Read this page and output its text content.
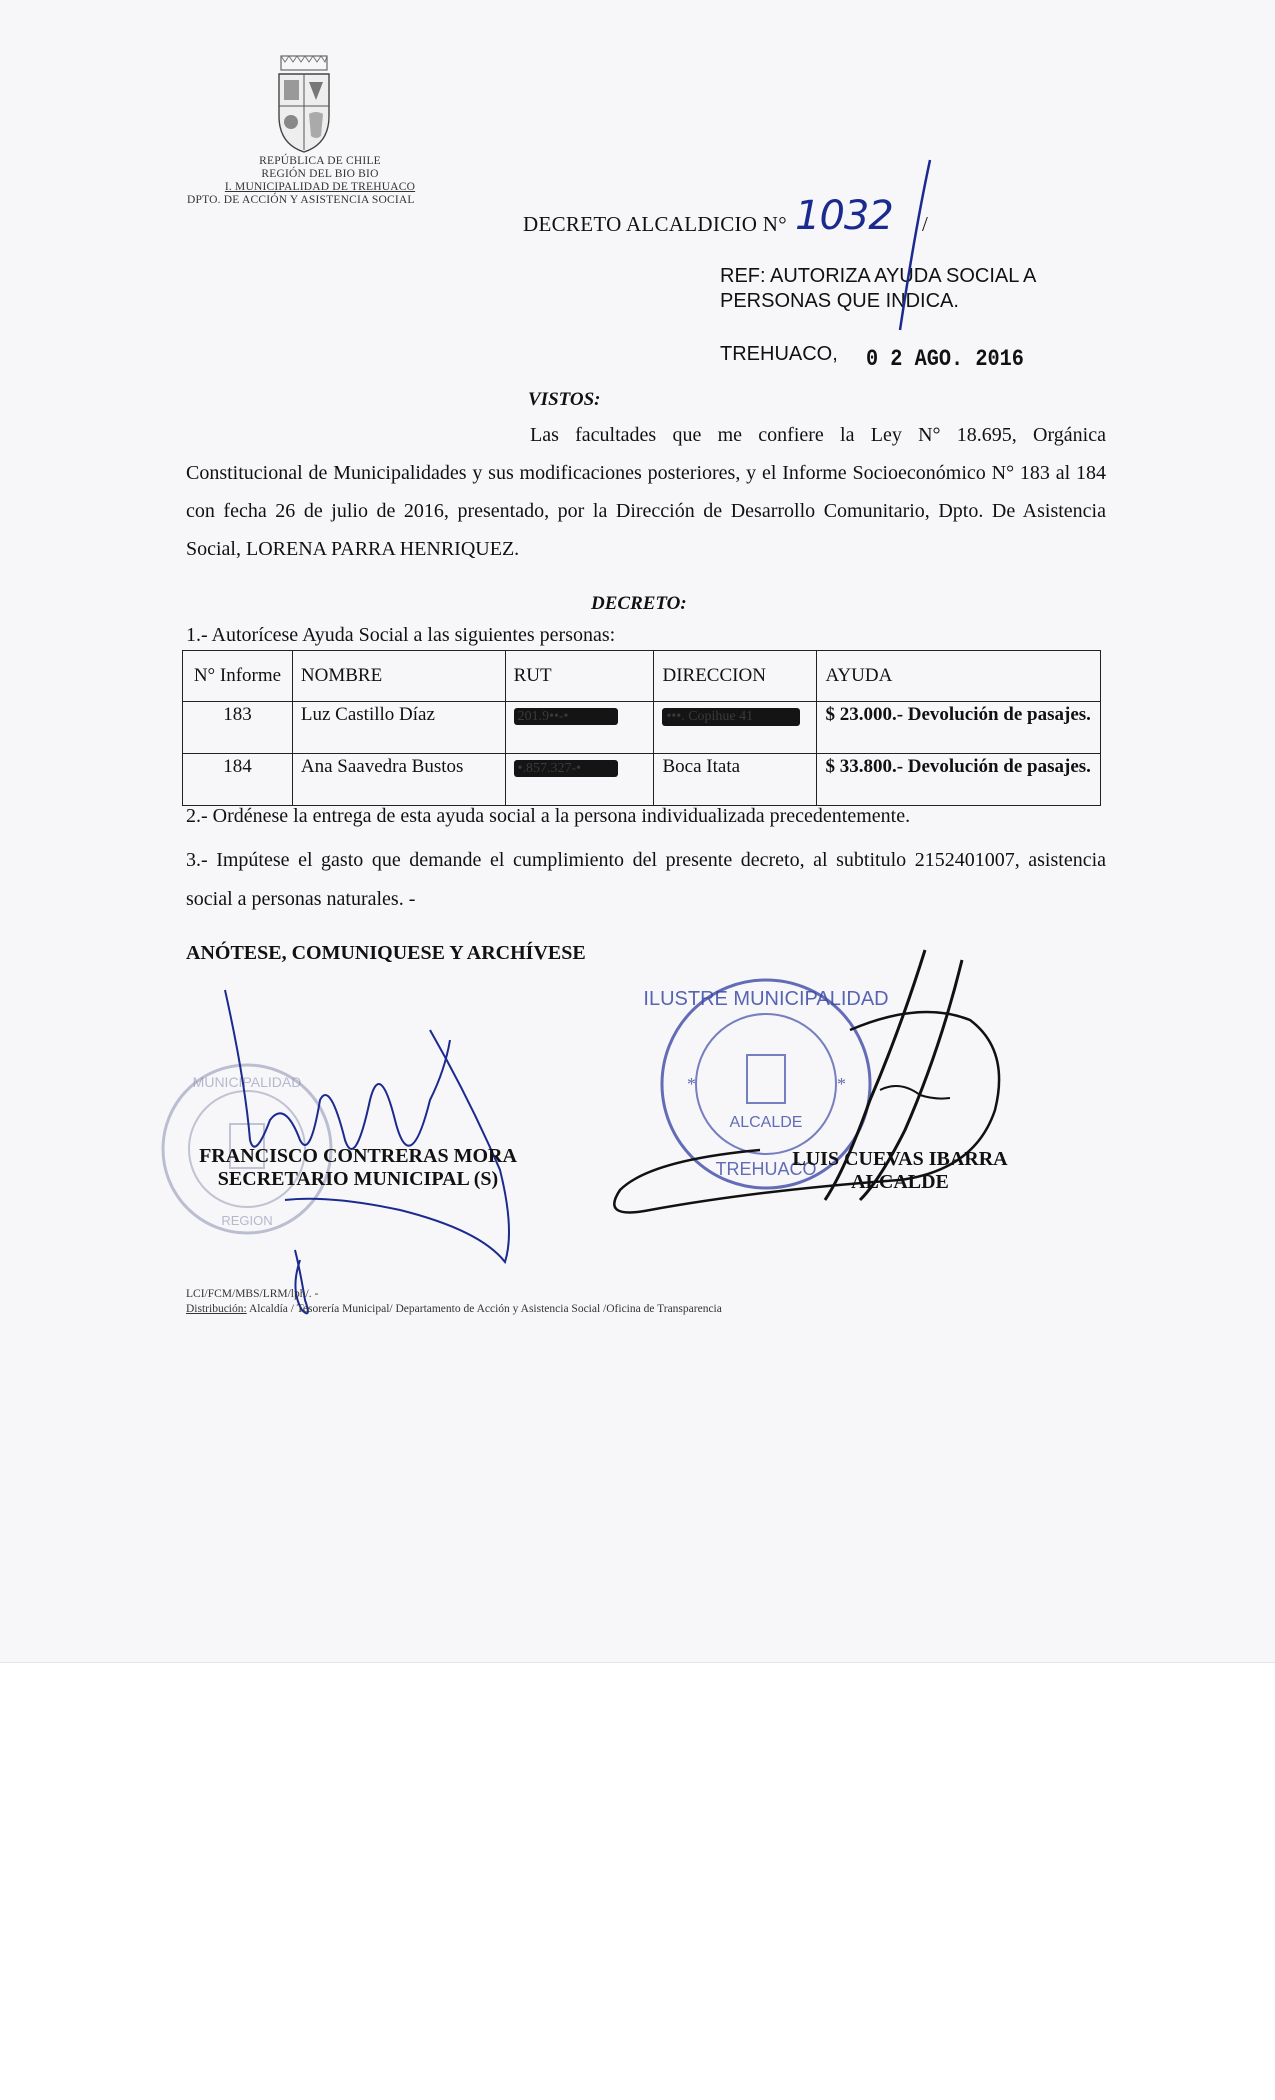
REPÚBLICA DE CHILE
REGIÓN DEL BIO BIO
I. MUNICIPALIDAD DE TREHUACO
DPTO. DE ACCIÓN Y ASISTENCIA SOCIAL
DECRETO ALCALDICIO N° 1032 /
REF: AUTORIZA AYUDA SOCIAL A
PERSONAS QUE INDICA.
TREHUACO, 0 2 AGO. 2016
VISTOS:
Las facultades que me confiere la Ley N° 18.695, Orgánica Constitucional de Municipalidades y sus modificaciones posteriores, y el Informe Socioeconómico N° 183 al 184 con fecha 26 de julio de 2016, presentado, por la Dirección de Desarrollo Comunitario, Dpto. De Asistencia Social, LORENA PARRA HENRIQUEZ.
DECRETO:
1.- Autorícese Ayuda Social a las siguientes personas:
N° Informe	NOMBRE	RUT	DIRECCION	AYUDA
183	Luz Castillo Díaz	201.9••-•	•••. Copihue 41	$ 23.000.- Devolución de pasajes.
184	Ana Saavedra Bustos	•.857.327-•	Boca Itata	$ 33.800.- Devolución de pasajes.
2.- Ordénese la entrega de esta ayuda social a la persona individualizada precedentemente.
3.- Impútese el gasto que demande el cumplimiento del presente decreto, al subtitulo 2152401007, asistencia social a personas naturales. -
ANÓTESE, COMUNIQUESE Y ARCHÍVESE
MUNICIPALIDAD
REGION
ILUSTRE MUNICIPALIDAD
ALCALDE
TREHUACO
*	*
FRANCISCO CONTRERAS MORA
SECRETARIO MUNICIPAL (S)
LUIS CUEVAS IBARRA
ALCALDE
LCI/FCM/MBS/LRM/lph/. -
Distribución: Alcaldía / Tesorería Municipal/ Departamento de Acción y Asistencia Social /Oficina de Transparencia
